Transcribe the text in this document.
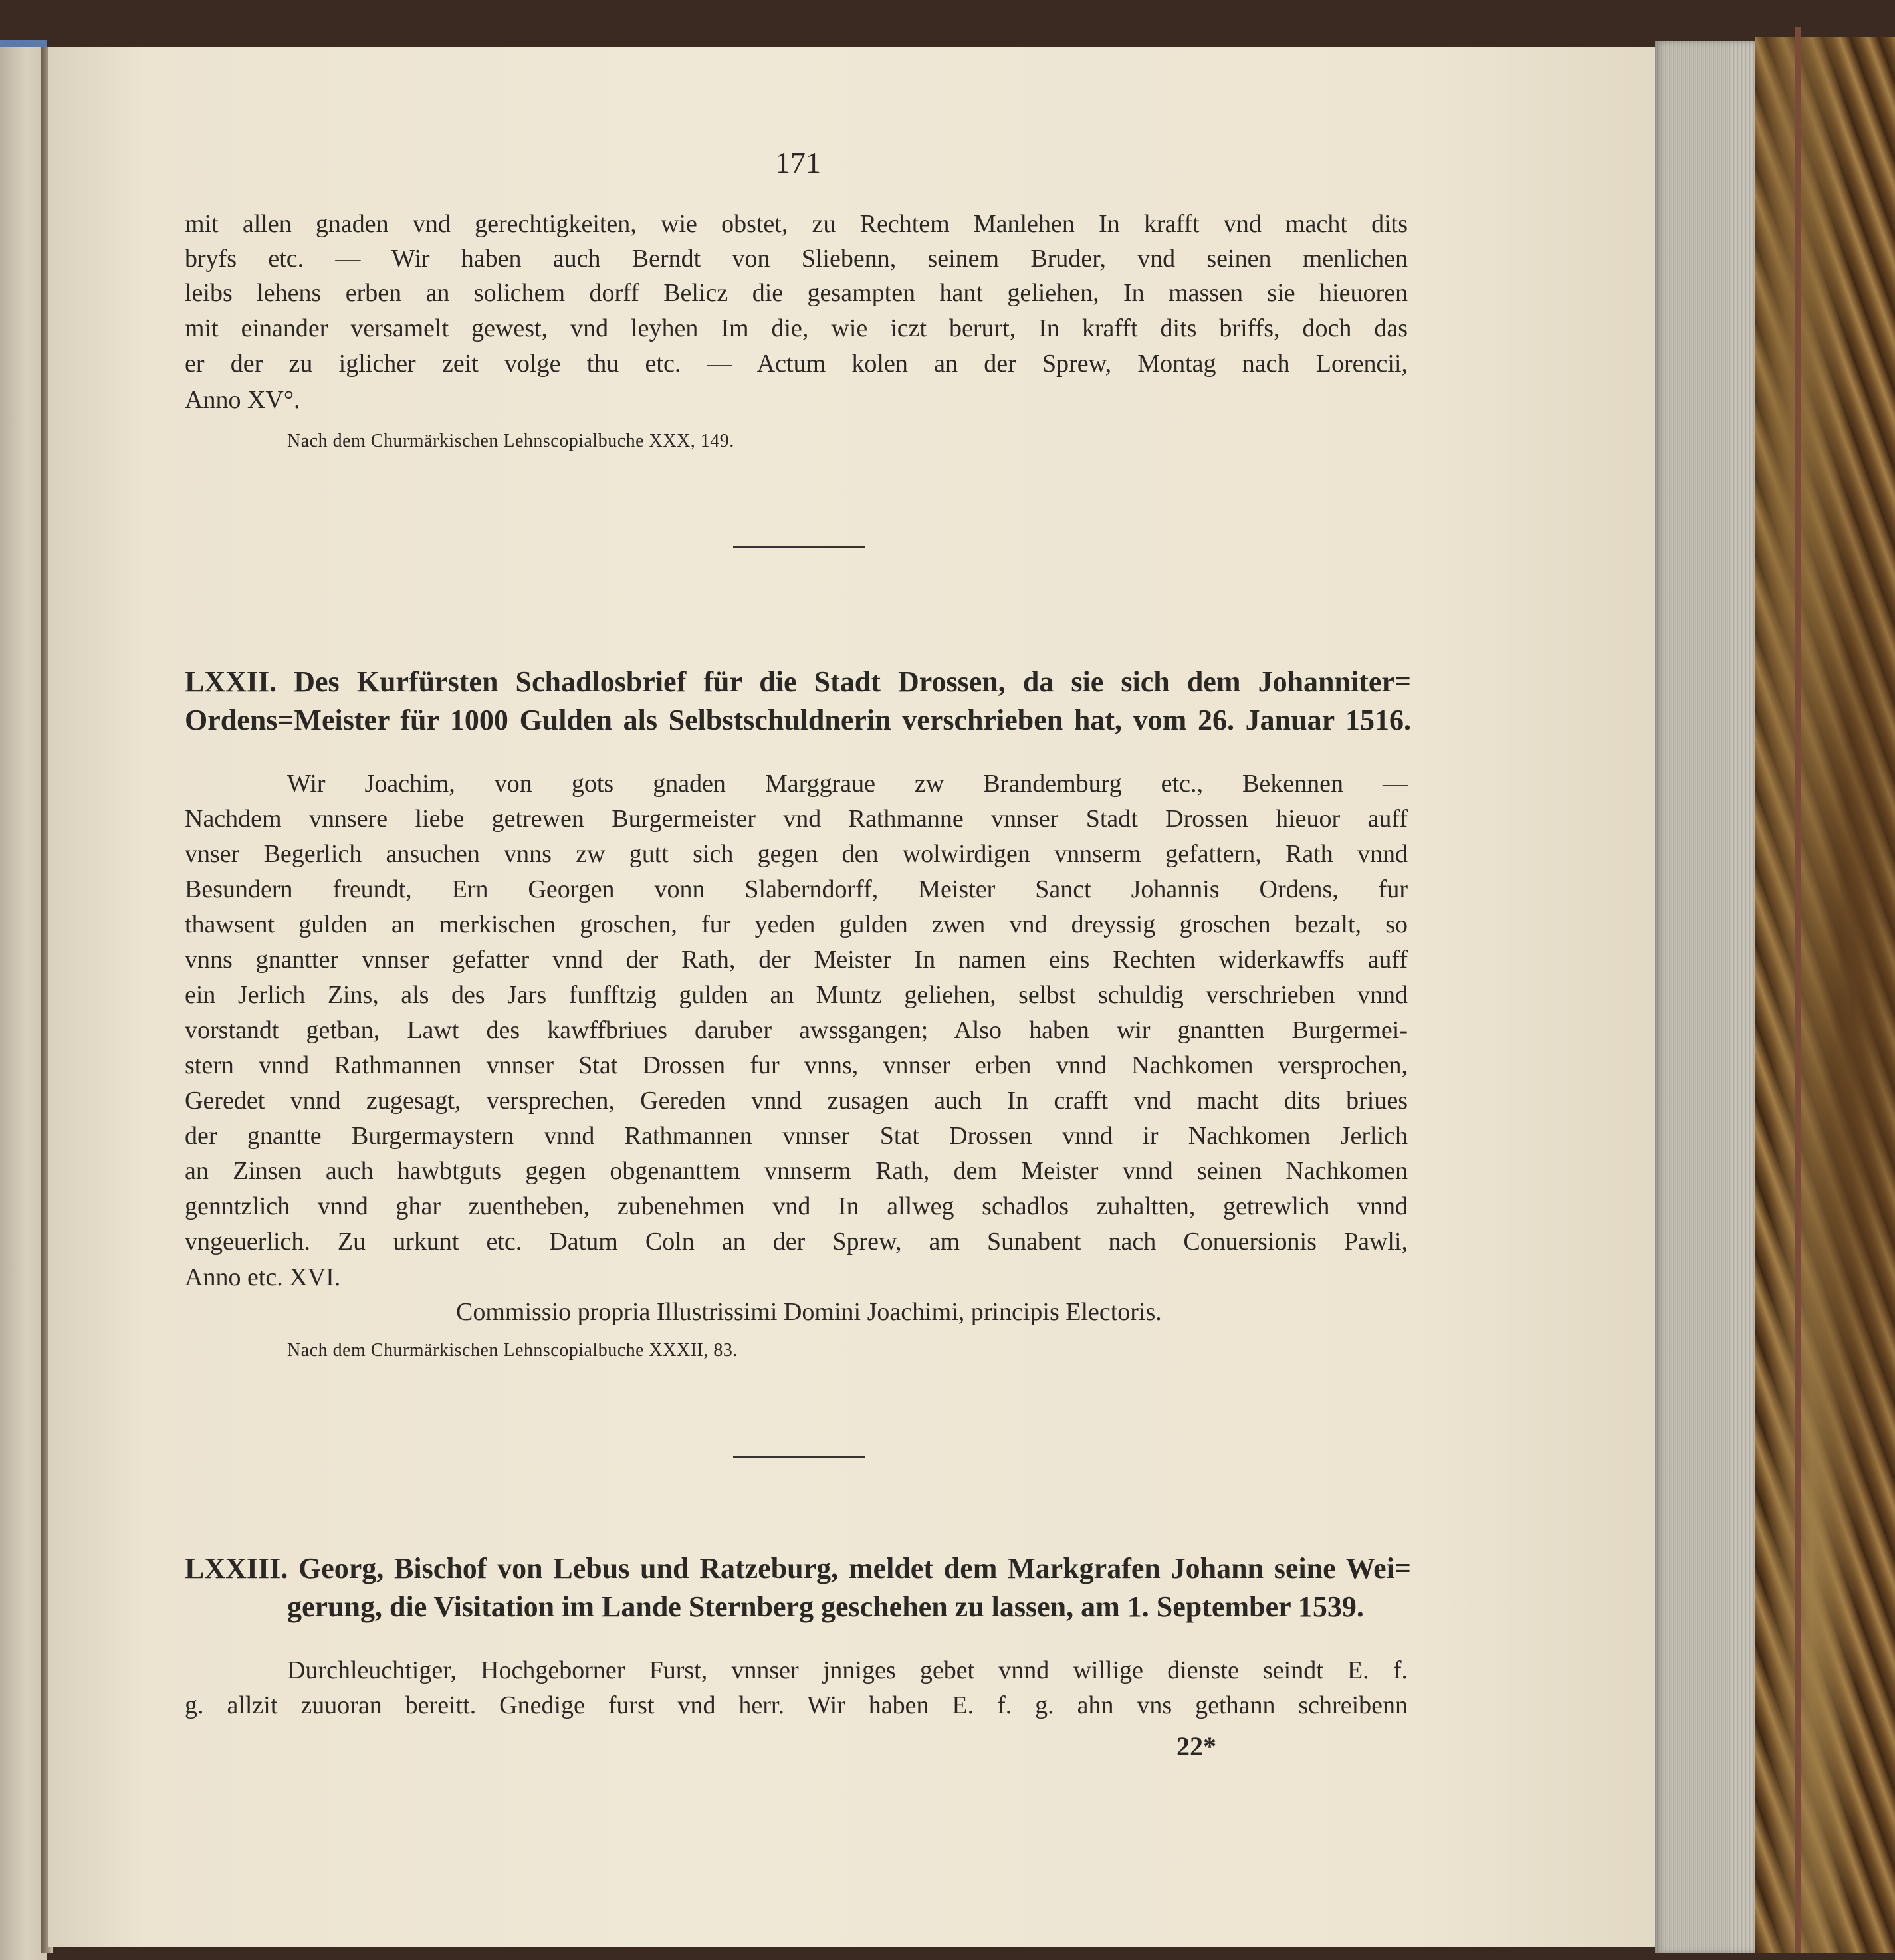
171
mit allen gnaden vnd gerechtigkeiten, wie obstet, zu Rechtem Manlehen In krafft vnd macht dits
bryfs etc. — Wir haben auch Berndt von Sliebenn, seinem Bruder, vnd seinen menlichen
leibs lehens erben an solichem dorff Belicz die gesampten hant geliehen, In massen sie hieuoren
mit einander versamelt gewest, vnd leyhen Im die, wie iczt berurt, In krafft dits briffs, doch das
er der zu iglicher zeit volge thu etc. — Actum kolen an der Sprew, Montag nach Lorencii,
Anno XV°.
Nach dem Churmärkischen Lehnscopialbuche XXX, 149.
LXXII. Des Kurfürsten Schadlosbrief für die Stadt Drossen, da sie sich dem Johanniter=
Ordens=Meister für 1000 Gulden als Selbstschuldnerin verschrieben hat, vom 26. Januar 1516.
Wir Joachim, von gots gnaden Marggraue zw Brandemburg etc., Bekennen —
Nachdem vnnsere liebe getrewen Burgermeister vnd Rathmanne vnnser Stadt Drossen hieuor auff
vnser Begerlich ansuchen vnns zw gutt sich gegen den wolwirdigen vnnserm gefattern, Rath vnnd
Besundern freundt, Ern Georgen vonn Slaberndorff, Meister Sanct Johannis Ordens, fur
thawsent gulden an merkischen groschen, fur yeden gulden zwen vnd dreyssig groschen bezalt, so
vnns gnantter vnnser gefatter vnnd der Rath, der Meister In namen eins Rechten widerkawffs auff
ein Jerlich Zins, als des Jars funfftzig gulden an Muntz geliehen, selbst schuldig verschrieben vnnd
vorstandt getban, Lawt des kawffbriues daruber awssgangen; Also haben wir gnantten Burgermei-
stern vnnd Rathmannen vnnser Stat Drossen fur vnns, vnnser erben vnnd Nachkomen versprochen,
Geredet vnnd zugesagt, versprechen, Gereden vnnd zusagen auch In crafft vnd macht dits briues
der gnantte Burgermaystern vnnd Rathmannen vnnser Stat Drossen vnnd ir Nachkomen Jerlich
an Zinsen auch hawbtguts gegen obgenanttem vnnserm Rath, dem Meister vnnd seinen Nachkomen
genntzlich vnnd ghar zuentheben, zubenehmen vnd In allweg schadlos zuhaltten, getrewlich vnnd
vngeuerlich. Zu urkunt etc. Datum Coln an der Sprew, am Sunabent nach Conuersionis Pawli,
Anno etc. XVI.
Commissio propria Illustrissimi Domini Joachimi, principis Electoris.
Nach dem Churmärkischen Lehnscopialbuche XXXII, 83.
LXXIII. Georg, Bischof von Lebus und Ratzeburg, meldet dem Markgrafen Johann seine Wei=
gerung, die Visitation im Lande Sternberg geschehen zu lassen, am 1. September 1539.
Durchleuchtiger, Hochgeborner Furst, vnnser jnniges gebet vnnd willige dienste seindt E. f.
g. allzit zuuoran bereitt. Gnedige furst vnd herr. Wir haben E. f. g. ahn vns gethann schreibenn
22*
